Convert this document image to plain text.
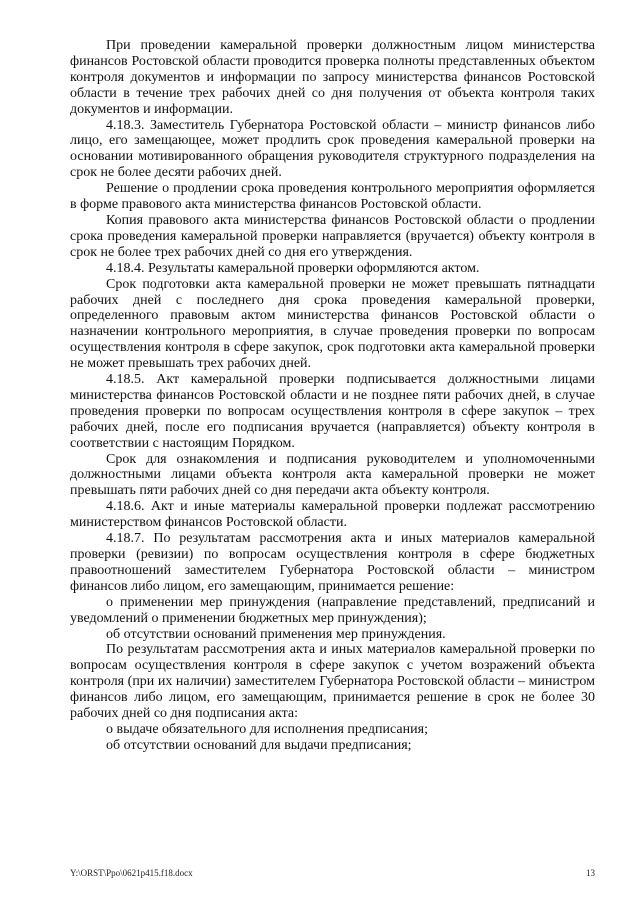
При проведении камеральной проверки должностным лицом министерства финансов Ростовской области проводится проверка полноты представленных объектом контроля документов и информации по запросу министерства финансов Ростовской области в течение трех рабочих дней со дня получения от объекта контроля таких документов и информации.

4.18.3. Заместитель Губернатора Ростовской области – министр финансов либо лицо, его замещающее, может продлить срок проведения камеральной проверки на основании мотивированного обращения руководителя структурного подразделения на срок не более десяти рабочих дней.

Решение о продлении срока проведения контрольного мероприятия оформляется в форме правового акта министерства финансов Ростовской области.

Копия правового акта министерства финансов Ростовской области о продлении срока проведения камеральной проверки направляется (вручается) объекту контроля в срок не более трех рабочих дней со дня его утверждения.

4.18.4. Результаты камеральной проверки оформляются актом.

Срок подготовки акта камеральной проверки не может превышать пятнадцати рабочих дней с последнего дня срока проведения камеральной проверки, определенного правовым актом министерства финансов Ростовской области о назначении контрольного мероприятия, в случае проведения проверки по вопросам осуществления контроля в сфере закупок, срок подготовки акта камеральной проверки не может превышать трех рабочих дней.

4.18.5. Акт камеральной проверки подписывается должностными лицами министерства финансов Ростовской области и не позднее пяти рабочих дней, в случае проведения проверки по вопросам осуществления контроля в сфере закупок – трех рабочих дней, после его подписания вручается (направляется) объекту контроля в соответствии с настоящим Порядком.

Срок для ознакомления и подписания руководителем и уполномоченными должностными лицами объекта контроля акта камеральной проверки не может превышать пяти рабочих дней со дня передачи акта объекту контроля.

4.18.6. Акт и иные материалы камеральной проверки подлежат рассмотрению министерством финансов Ростовской области.

4.18.7. По результатам рассмотрения акта и иных материалов камеральной проверки (ревизии) по вопросам осуществления контроля в сфере бюджетных правоотношений заместителем Губернатора Ростовской области – министром финансов либо лицом, его замещающим, принимается решение:

о применении мер принуждения (направление представлений, предписаний и уведомлений о применении бюджетных мер принуждения);

об отсутствии оснований применения мер принуждения.

По результатам рассмотрения акта и иных материалов камеральной проверки по вопросам осуществления контроля в сфере закупок с учетом возражений объекта контроля (при их наличии) заместителем Губернатора Ростовской области – министром финансов либо лицом, его замещающим, принимается решение в срок не более 30 рабочих дней со дня подписания акта:

о выдаче обязательного для исполнения предписания;

об отсутствии оснований для выдачи предписания;

Y:\ORST\Ppo\0621p415.f18.docx	13
